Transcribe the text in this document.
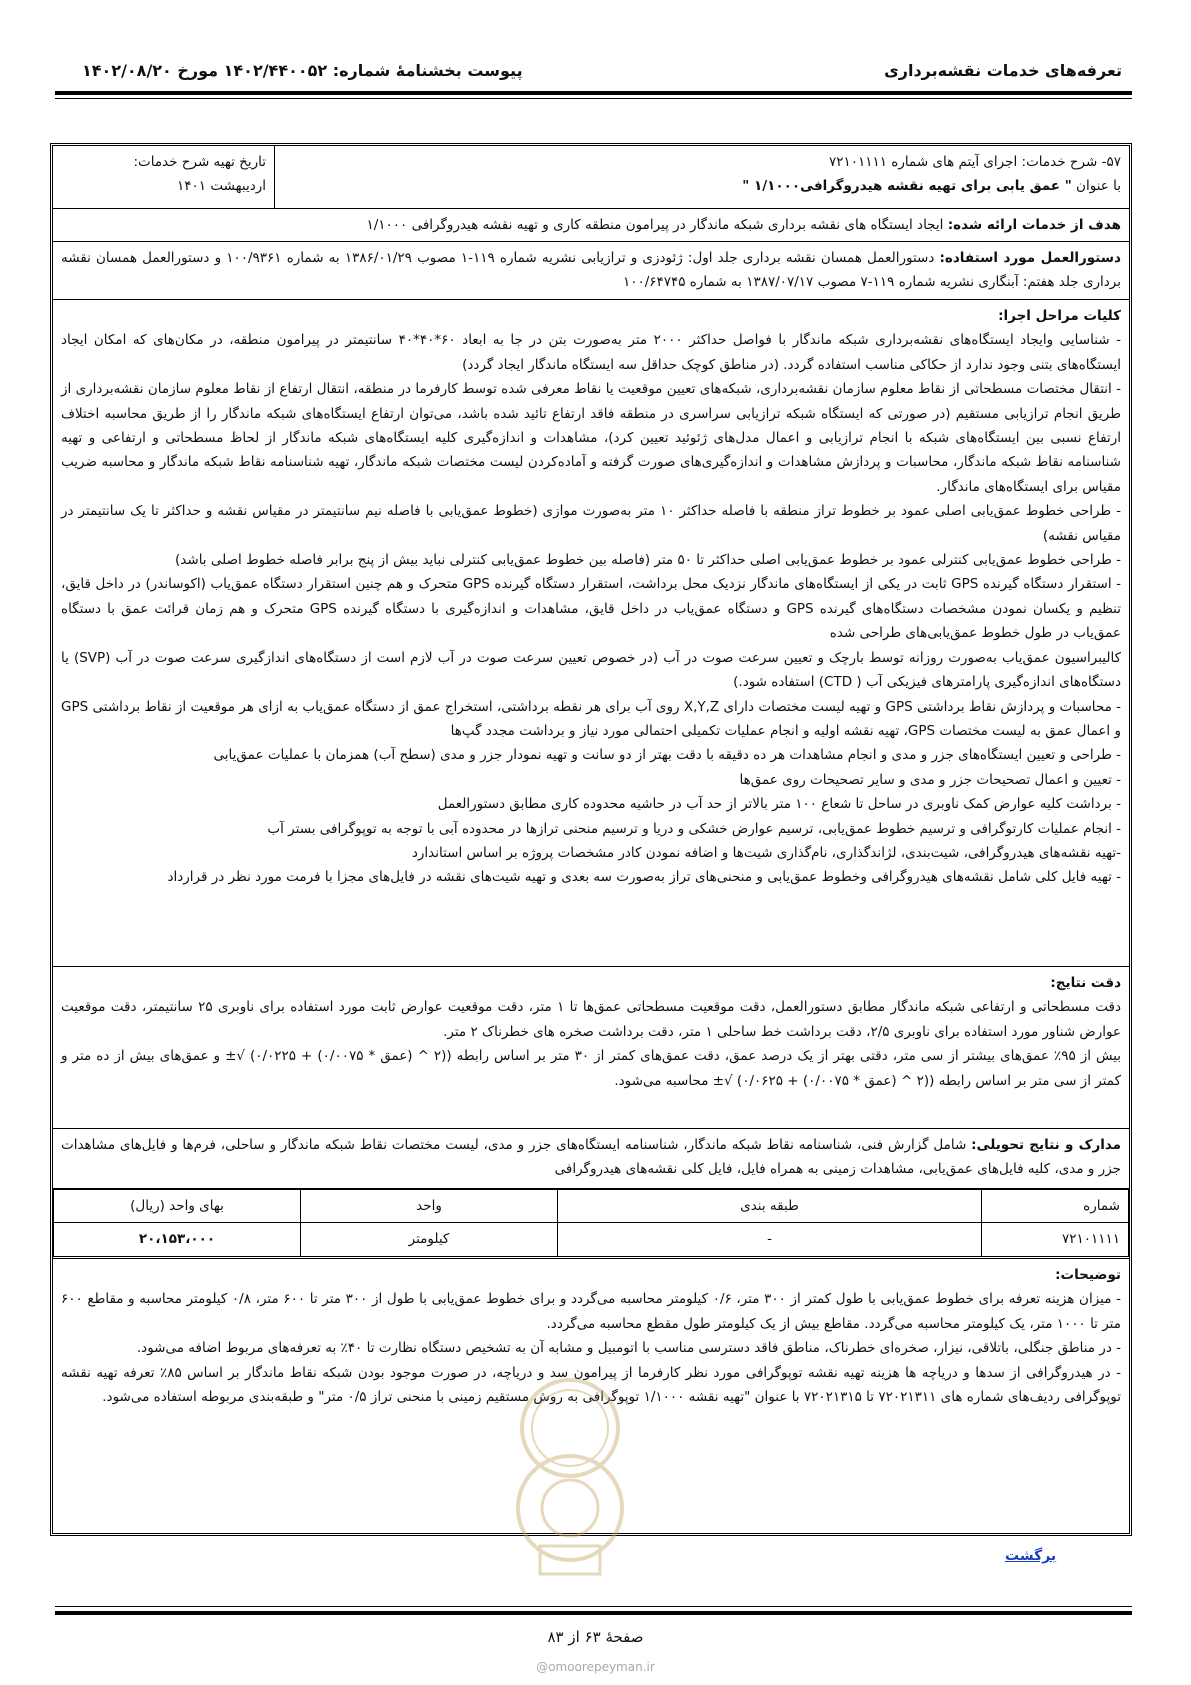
تعرفه‌های خدمات نقشه‌برداری
پیوست بخشنامۀ شماره: ۱۴۰۲/۴۴۰۰۵۲ مورخ ۱۴۰۲/۰۸/۲۰
۵۷- شرح خدمات: اجرای آیتم های شماره ۷۲۱۰۱۱۱۱
با عنوان " عمق یابی برای تهیه نقشه هیدروگرافی۱/۱۰۰۰ "
تاریخ تهیه شرح خدمات:
اردیبهشت ۱۴۰۱
هدف از خدمات ارائه شده: ایجاد ایستگاه های نقشه برداری شبکه ماندگار در پیرامون منطقه کاری و تهیه نقشه هیدروگرافی ۱/۱۰۰۰

دستورالعمل مورد استفاده: دستورالعمل همسان نقشه برداری جلد اول: ژئودزی و ترازیابی نشریه شماره ۱۱۹-۱ مصوب ۱۳۸۶/۰۱/۲۹ به شماره ۱۰۰/۹۳۶۱ و دستورالعمل همسان نقشه برداری جلد هفتم: آبنگاری نشریه شماره ۱۱۹-۷ مصوب ۱۳۸۷/۰۷/۱۷ به شماره ۱۰۰/۶۴۷۴۵

کلیات مراحل اجرا:

- شناسایی وایجاد ایستگاه‌های نقشه‌برداری شبکه ماندگار با فواصل حداکثر ۲۰۰۰ متر به‌صورت بتن در جا به ابعاد ۶۰*۴۰*۴۰ سانتیمتر در پیرامون منطقه، در مکان‌های که امکان ایجاد ایستگاه‌های بتنی وجود ندارد از حکاکی مناسب استفاده گردد. (در مناطق کوچک حداقل سه ایستگاه ماندگار ایجاد گردد)

- انتقال مختصات مسطحاتی از نقاط معلوم سازمان نقشه‌برداری، شبکه‌های تعیین موقعیت یا نقاط معرفی شده توسط کارفرما در منطقه، انتقال ارتفاع از نقاط معلوم سازمان نقشه‌برداری از طریق انجام ترازیابی مستقیم (در صورتی که ایستگاه شبکه ترازیابی سراسری در منطقه فاقد ارتفاع تائید شده باشد، می‌توان ارتفاع ایستگاه‌های شبکه ماندگار را از طریق محاسبه اختلاف ارتفاع نسبی بین ایستگاه‌های شبکه با انجام ترازیابی و اعمال مدل‌های ژئوئید تعیین کرد)، مشاهدات و اندازه‌گیری کلیه ایستگاه‌های شبکه ماندگار از لحاظ مسطحاتی و ارتفاعی و تهیه شناسنامه نقاط شبکه ماندگار، محاسبات و پردازش مشاهدات و اندازه‌گیری‌های صورت گرفته و آماده‌کردن لیست مختصات شبکه ماندگار، تهیه شناسنامه نقاط شبکه ماندگار و محاسبه ضریب مقیاس برای ایستگاه‌های ماندگار.

- طراحی خطوط عمق‌یابی اصلی عمود بر خطوط تراز منطقه با فاصله حداکثر ۱۰ متر به‌صورت موازی (خطوط عمق‌یابی با فاصله نیم سانتیمتر در مقیاس نقشه و حداکثر تا یک سانتیمتر در مقیاس نقشه)

- طراحی خطوط عمق‌یابی کنترلی عمود بر خطوط عمق‌یابی اصلی حداکثر تا ۵۰ متر (فاصله بین خطوط عمق‌یابی کنترلی نباید بیش از پنج برابر فاصله خطوط اصلی باشد)

- استقرار دستگاه گیرنده GPS ثابت در یکی از ایستگاه‌های ماندگار نزدیک محل برداشت، استقرار دستگاه گیرنده GPS متحرک و هم چنین استقرار دستگاه عمق‌یاب (اکوساندر) در داخل قایق، تنظیم و یکسان نمودن مشخصات دستگاه‌های گیرنده GPS و دستگاه عمق‌یاب در داخل قایق، مشاهدات و اندازه‌گیری با دستگاه گیرنده GPS متحرک و هم زمان قرائت عمق با دستگاه عمق‌یاب در طول خطوط عمق‌یابی‌های طراحی شده

کالیبراسیون عمق‌یاب به‌صورت روزانه توسط بارچک و تعیین سرعت صوت در آب (در خصوص تعیین سرعت صوت در آب لازم است از دستگاه‌های اندازگیری سرعت صوت در آب (SVP) یا دستگاه‌های اندازه‌گیری پارامترهای فیزیکی آب ( CTD) استفاده شود.)

- محاسبات و پردازش نقاط برداشتی GPS و تهیه لیست مختصات دارای X,Y,Z روی آب برای هر نقطه برداشتی، استخراج عمق از دستگاه عمق‌یاب به ازای هر موقعیت از نقاط برداشتی GPS و اعمال عمق به لیست مختصات GPS، تهیه نقشه اولیه و انجام عملیات تکمیلی احتمالی مورد نیاز و برداشت مجدد گپ‌ها

- طراحی و تعیین ایستگاه‌های جزر و مدی و انجام مشاهدات هر ده دقیقه با دقت بهتر از دو سانت و تهیه نمودار جزر و مدی (سطح آب) همزمان با عملیات عمق‌یابی

- تعیین و اعمال تصحیحات جزر و مدی و سایر تصحیحات روی عمق‌ها

- برداشت کلیه عوارض کمک ناوبری در ساحل تا شعاع ۱۰۰ متر بالاتر از حد آب در حاشیه محدوده کاری مطابق دستورالعمل

- انجام عملیات کارتوگرافی و ترسیم خطوط عمق‌یابی، ترسیم عوارض خشکی و دریا و ترسیم منحنی ترازها در محدوده آبی با توجه به توپوگرافی بستر آب

-تهیه نقشه‌های هیدروگرافی، شیت‌بندی، لژاندگذاری، نام‌گذاری شیت‌ها و اضافه نمودن کادر مشخصات پروژه بر اساس استاندارد

- تهیه فایل کلی شامل نقشه‌های هیدروگرافی وخطوط عمق‌یابی و منحنی‌های تراز به‌صورت سه بعدی و تهیه شیت‌های نقشه در فایل‌های مجزا با فرمت مورد نظر در قرارداد

دقت نتایج:

دقت مسطحاتی و ارتفاعی شبکه ماندگار مطابق دستورالعمل، دقت موقعیت مسطحاتی عمق‌ها تا ۱ متر، دقت موقعیت عوارض ثابت مورد استفاده برای ناوبری ۲۵ سانتیمتر، دقت موقعیت عوارض شناور مورد استفاده برای ناوبری ۲/۵، دقت برداشت خط ساحلی ۱ متر، دقت برداشت صخره های خطرناک ۲ متر.

بیش از ۹۵٪ عمق‌های بیشتر از سی متر، دقتی بهتر از یک درصد عمق، دقت عمق‌های کمتر از ۳۰ متر بر اساس رابطه ((۲ ^ (عمق * ۰/۰۰۷۵) + ۰/۰۲۲۵) √± و عمق‌های بیش از ده متر و کمتر از سی متر بر اساس رابطه ((۲ ^ (عمق * ۰/۰۰۷۵) + ۰/۰۶۲۵) √± محاسبه می‌شود.

مدارک و نتایج تحویلی: شامل گزارش فنی، شناسنامه نقاط شبکه ماندگار، شناسنامه ایستگاه‌های جزر و مدی، لیست مختصات نقاط شبکه ماندگار و ساحلی، فرم‌ها و فایل‌های مشاهدات جزر و مدی، کلیه فایل‌های عمق‌یابی، مشاهدات زمینی به همراه فایل، فایل کلی نقشه‌های هیدروگرافی

شماره	طبقه بندی	واحد	بهای واحد (ریال)
۷۲۱۰۱۱۱۱	-	کیلومتر	۲۰،۱۵۳،۰۰۰
توضیحات:

- میزان هزینه تعرفه برای خطوط عمق‌یابی با طول کمتر از ۳۰۰ متر، ۰/۶ کیلومتر محاسبه می‌گردد و برای خطوط عمق‌یابی با طول از ۳۰۰ متر تا ۶۰۰ متر، ۰/۸ کیلومتر محاسبه و مقاطع ۶۰۰ متر تا ۱۰۰۰ متر، یک کیلومتر محاسبه می‌گردد. مقاطع بیش از یک کیلومتر طول مقطع محاسبه می‌گردد.

- در مناطق جنگلی، باتلاقی، نیزار، صخره‌ای خطرناک، مناطق فاقد دسترسی مناسب با اتومبیل و مشابه آن به تشخیص دستگاه نظارت تا ۴۰٪ به تعرفه‌های مربوط اضافه می‌شود.

- در هیدروگرافی از سدها و دریاچه ها هزینه تهیه نقشه توپوگرافی مورد نظر کارفرما از پیرامون سد و دریاچه، در صورت موجود بودن شبکه نقاط ماندگار بر اساس ۸۵٪ تعرفه تهیه نقشه توپوگرافی ردیف‌های شماره های ۷۲۰۲۱۳۱۱ تا ۷۲۰۲۱۳۱۵ با عنوان "تهیه نقشه ۱/۱۰۰۰ توپوگرافی به روش مستقیم زمینی با منحنی تراز ۰/۵ متر" و طبقه‌بندی مربوطه استفاده می‌شود.

برگشت
صفحۀ ۶۳ از ۸۳
@omoorepeyman.ir
